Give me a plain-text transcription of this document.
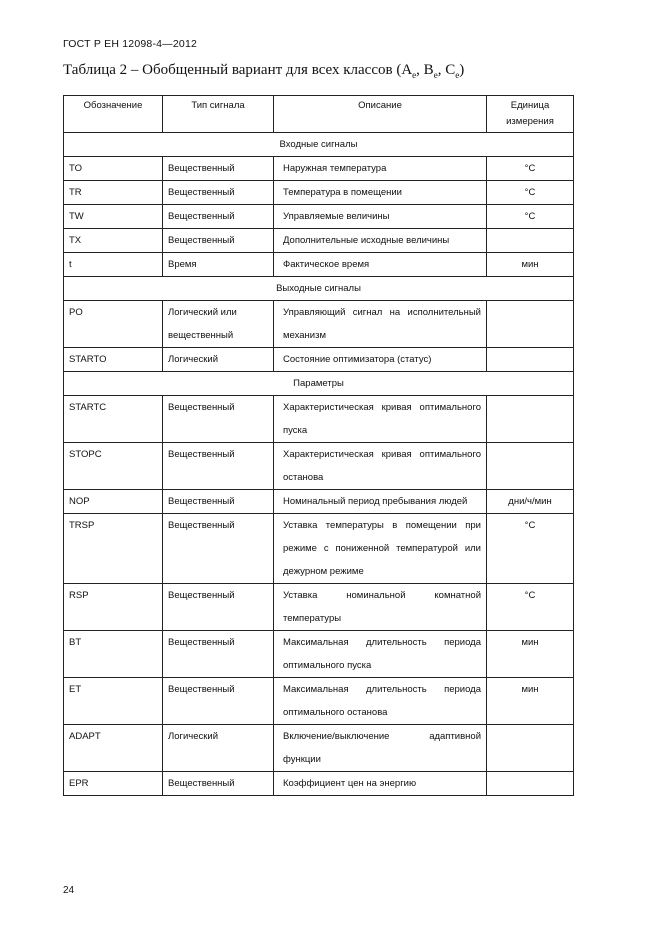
ГОСТ Р ЕН 12098-4—2012
Таблица 2 – Обобщенный вариант для всех классов ($A_e$, $B_e$, $C_e$)
Обозначение	Тип сигнала	Описание	Единица измерения
Входные сигналы			
TO	Вещественный	Наружная температура	°C
TR	Вещественный	Температура в помещении	°C
TW	Вещественный	Управляемые величины	°C
TX	Вещественный	Дополнительные исходные величины	
t	Время	Фактическое время	мин
Выходные сигналы			
PO	Логический или вещественный	Управляющий сигнал на исполнительный механизм	
STARTO	Логический	Состояние оптимизатора (статус)	
Параметры			
STARTC	Вещественный	Характеристическая кривая оптимального пуска	
STOPC	Вещественный	Характеристическая кривая оптимального останова	
NOP	Вещественный	Номинальный период пребывания людей	дни/ч/мин
TRSP	Вещественный	Уставка температуры в помещении при режиме с пониженной температурой или дежурном режиме	°C
RSP	Вещественный	Уставка номинальной комнатной температуры	°C
BT	Вещественный	Максимальная длительность периода оптимального пуска	мин
ET	Вещественный	Максимальная длительность периода оптимального останова	мин
ADAPT	Логический	Включение/выключение адаптивной функции	
EPR	Вещественный	Коэффициент цен на энергию	
24
